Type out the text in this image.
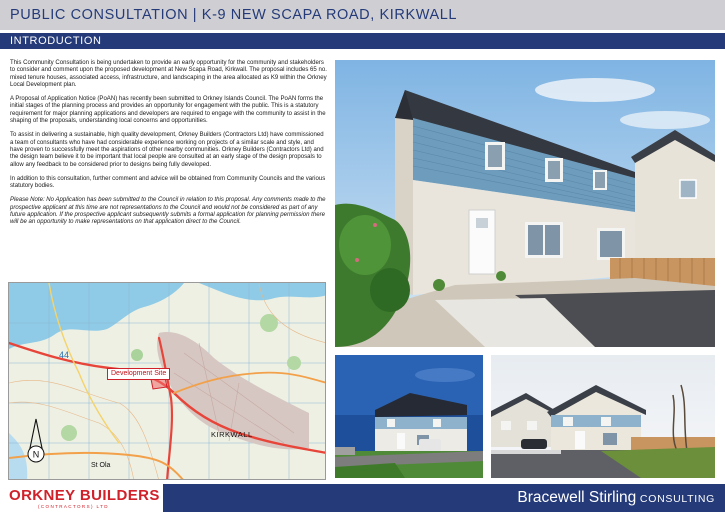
PUBLIC CONSULTATION | K-9 NEW SCAPA ROAD, KIRKWALL
INTRODUCTION

This Community Consultation is being undertaken to provide an early opportunity for the community and stakeholders to consider and comment upon the proposed development at New Scapa Road, Kirkwall. The proposal includes 65 no. mixed tenure houses, associated access, infrastructure, and landscaping in the area allocated as K9 within the Orkney Local Development plan.

A Proposal of Application Notice (PoAN) has recently been submitted to Orkney Islands Council. The PoAN forms the initial stages of the planning process and provides an opportunity for engagement with the public. This is a statutory requirement for major planning applications and developers are required to engage with the community to assist in the shaping of the proposals, understanding local concerns and opportunities.

To assist in delivering a sustainable, high quality development, Orkney Builders (Contractors Ltd) have commissioned a team of consultants who have had considerable experience working on projects of a similar scale and style, and have proven to successfully meet the aspirations of other nearby communities. Orkney Builders (Contractors Ltd) and the design team believe it to be important that local people are consulted at an early stage of the design proposals to allow any feedback to be considered prior to designs being fully developed.

In addition to this consultation, further comment and advice will be obtained from Community Councils and the various statutory bodies.

Please Note: No Application has been submitted to the Council in relation to this proposal. Any comments made to the prospective applicant at this time are not representations to the Council and would not be considered as part of any future application. If the prospective applicant subsequently submits a formal application for planning permission there will be an opportunity to make representations on that application direct to the Council.

N
44
Development Site
KIRKWALL
St Ola
ORKNEY BUILDERS
(CONTRACTORS) LTD
Bracewell Stirling CONSULTING
